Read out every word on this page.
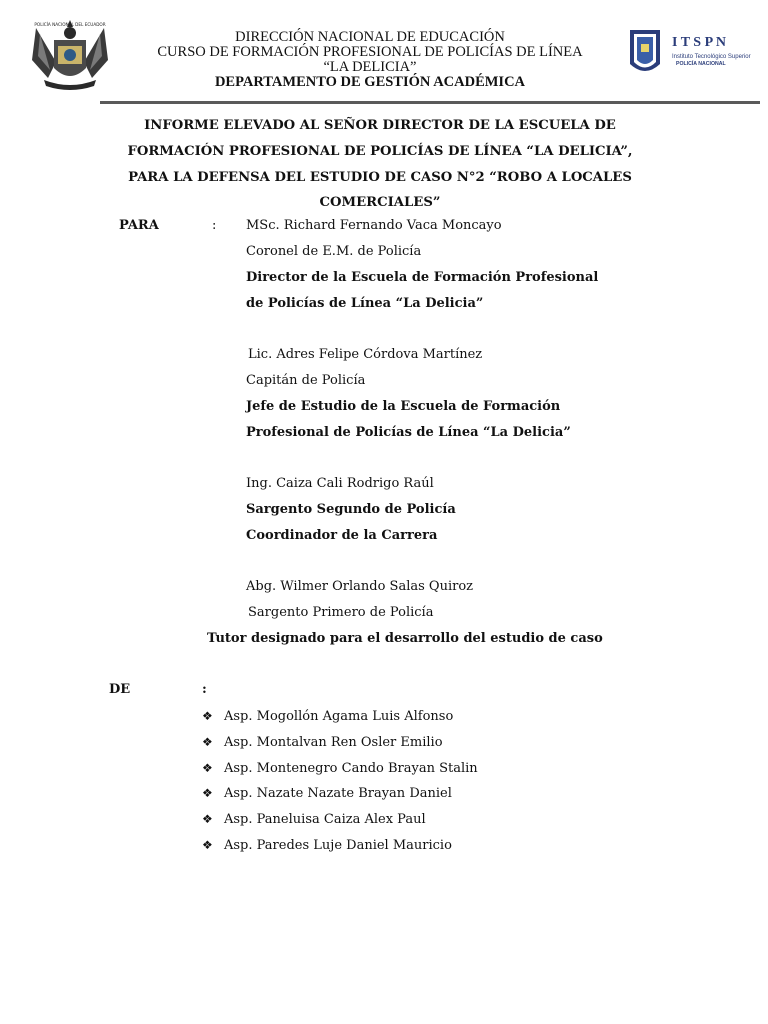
POLICÍA NACIONAL DEL ECUADOR
DIRECCIÓN NACIONAL DE EDUCACIÓN
CURSO DE FORMACIÓN PROFESIONAL DE POLICÍAS DE LÍNEA
“LA DELICIA”
DEPARTAMENTO DE GESTIÓN ACADÉMICA
I T S P N
Instituto Tecnológico Superior
POLICÍA NACIONAL
INFORME ELEVADO AL SEÑOR DIRECTOR DE LA ESCUELA DE
FORMACIÓN PROFESIONAL DE POLICÍAS DE LÍNEA “LA DELICIA”,
PARA LA DEFENSA DEL ESTUDIO DE CASO N°2 “ROBO A LOCALES
COMERCIALES”
PARA	: MSc. Richard Fernando Vaca Moncayo
Coronel de E.M. de Policía
Director de la Escuela de Formación Profesional
de Policías de Línea “La Delicia”
Lic. Adres Felipe Córdova Martínez
Capitán de Policía
Jefe de Estudio de la Escuela de Formación
Profesional de Policías de Línea “La Delicia”
Ing. Caiza Cali Rodrigo Raúl
Sargento Segundo de Policía
Coordinador de la Carrera
Abg. Wilmer Orlando Salas Quiroz
Sargento Primero de Policía
Tutor designado para el desarrollo del estudio de caso
DE	:
❖ Asp. Mogollón Agama Luis Alfonso
❖ Asp. Montalvan Ren Osler Emilio
❖ Asp. Montenegro Cando Brayan Stalin
❖ Asp. Nazate Nazate Brayan Daniel
❖ Asp. Paneluisa Caiza Alex Paul
❖ Asp. Paredes Luje Daniel Mauricio
